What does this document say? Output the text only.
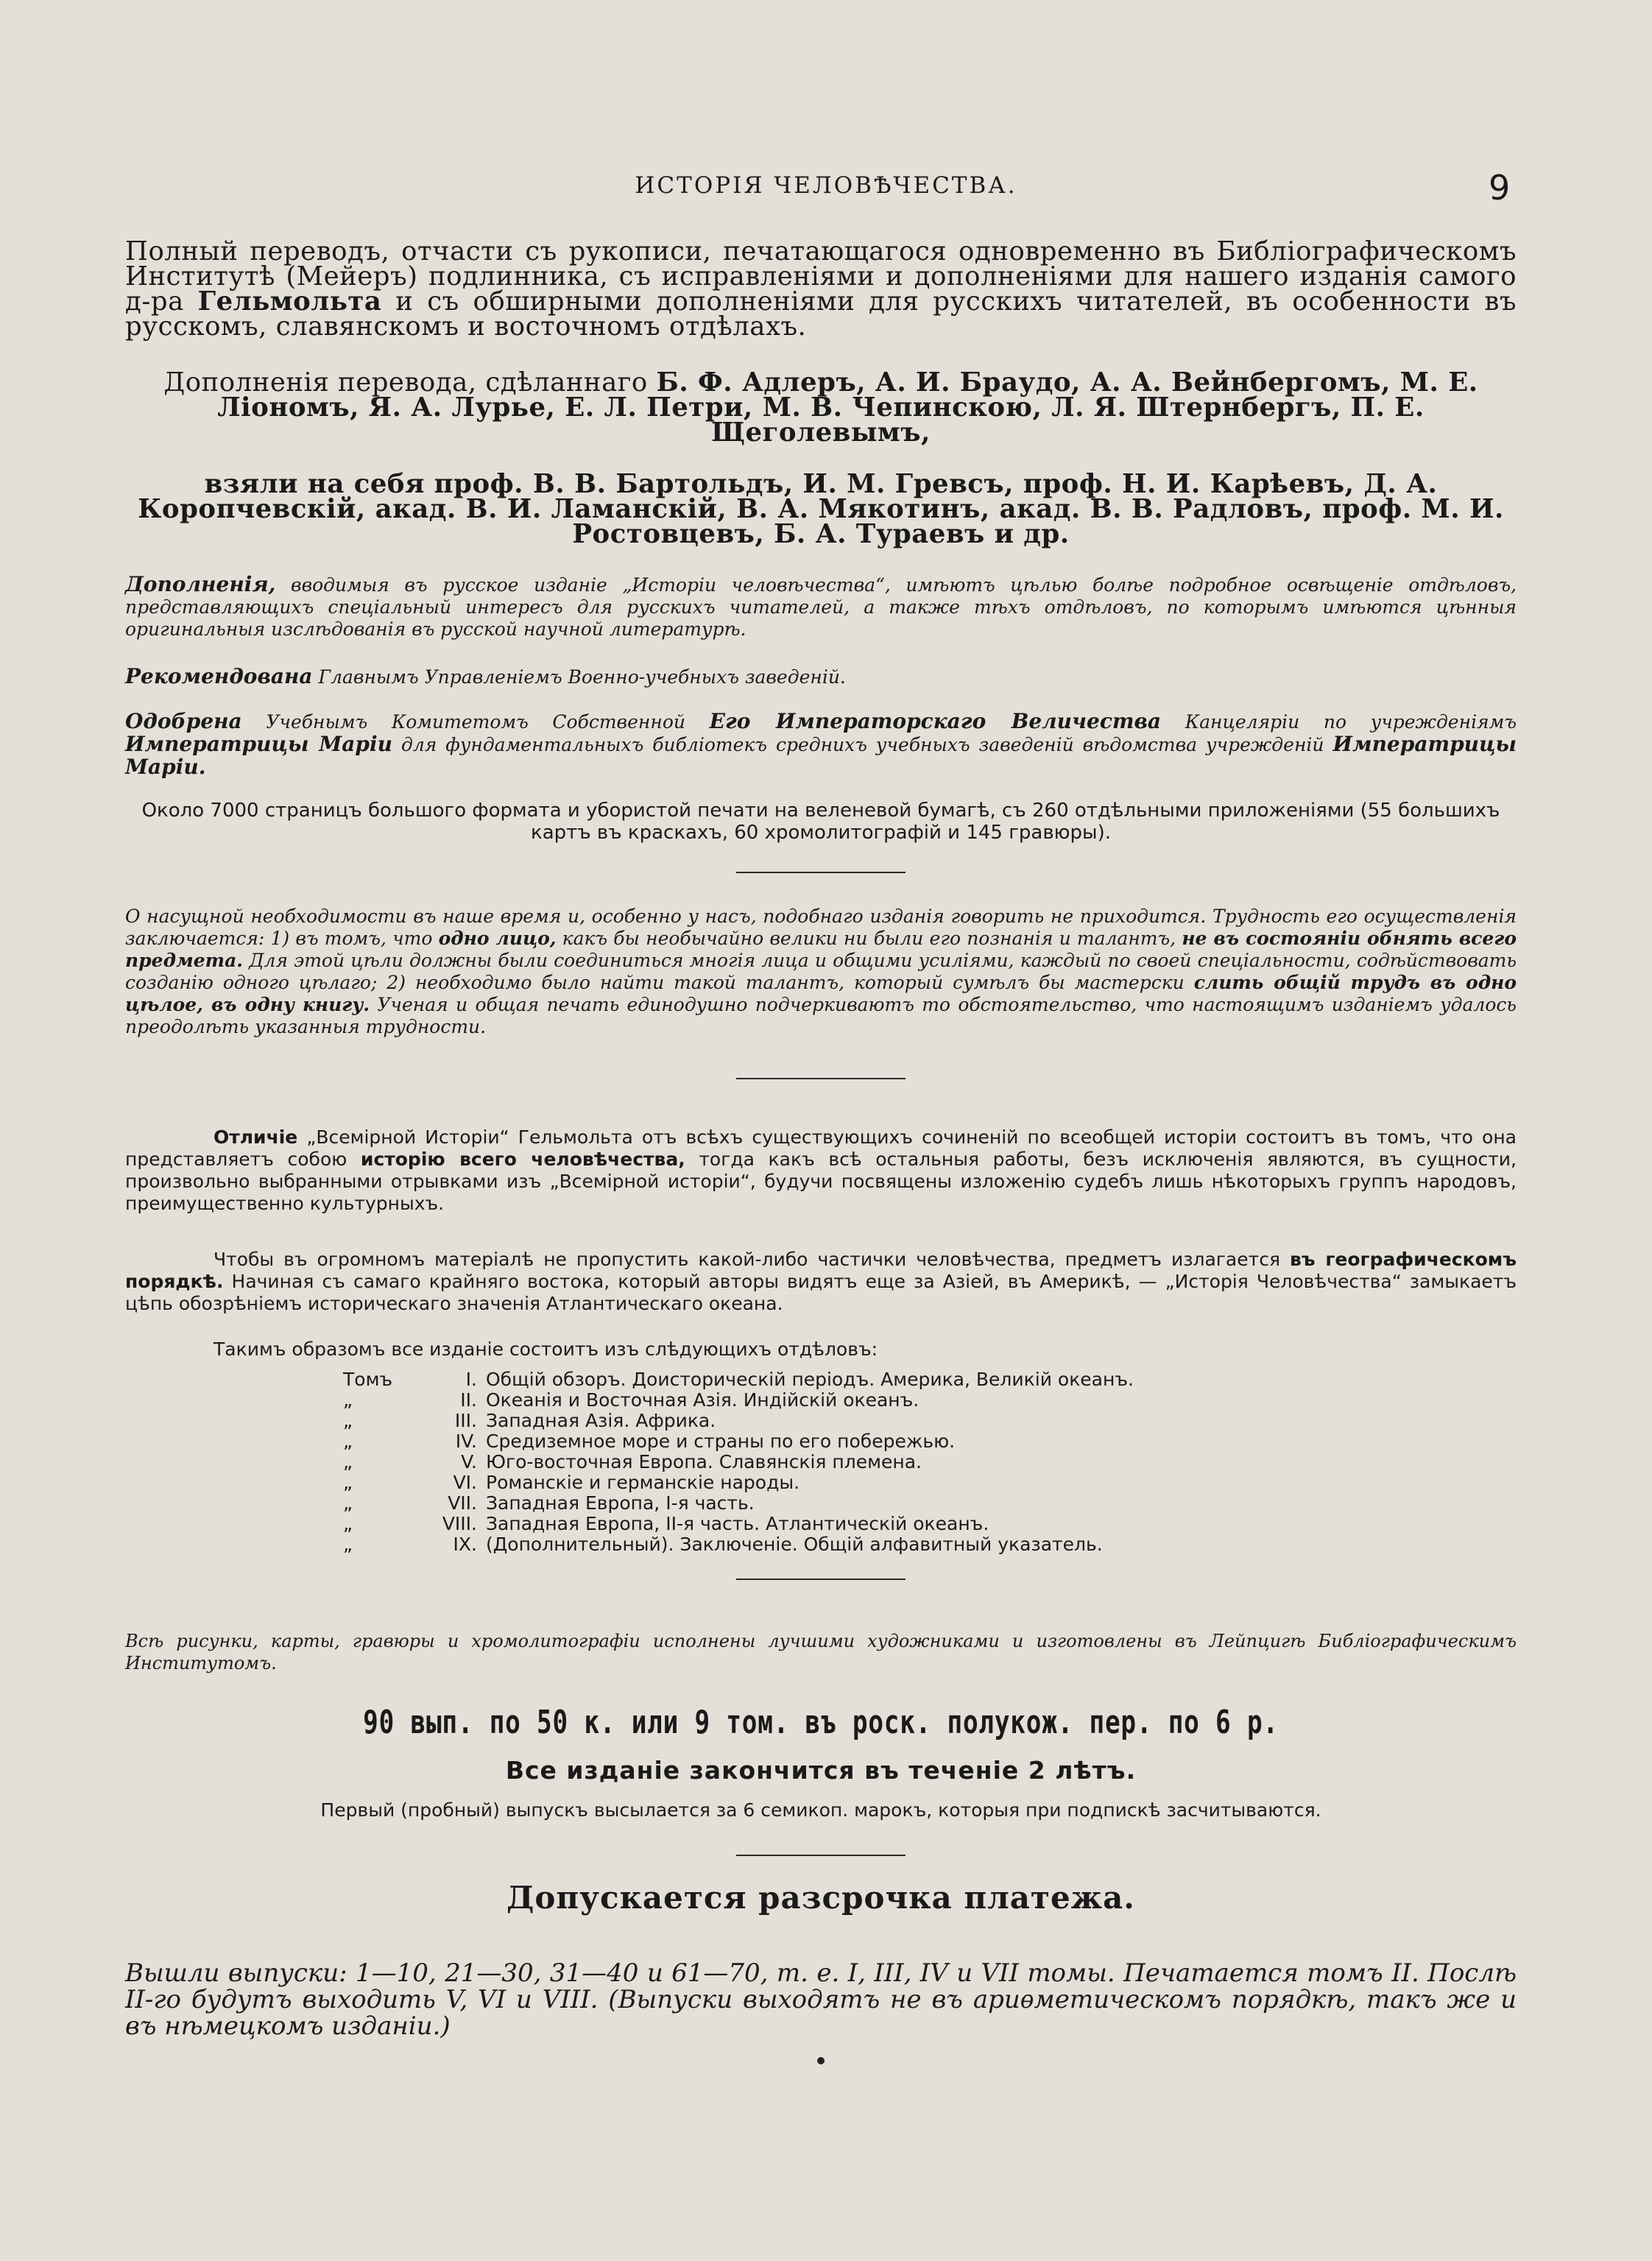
ИСТОРІЯ ЧЕЛОВѢЧЕСТВА.	9

Полный переводъ, отчасти съ рукописи, печатающагося одновременно въ Библіографическомъ Институтѣ (Мейеръ) подлинника, съ исправленіями и дополненіями для нашего изданія самого д-ра Гельмольта и съ обширными дополненіями для русскихъ читателей, въ особенности въ русскомъ, славянскомъ и восточномъ отдѣлахъ.

Дополненія перевода, сдѣланнаго Б. Ф. Адлеръ, А. И. Браудо, А. А. Вейнбергомъ, М. Е. Ліономъ, Я. А. Лурье, Е. Л. Петри, М. В. Чепинскою, Л. Я. Штернбергъ, П. Е. Щеголевымъ,

взяли на себя проф. В. В. Бартольдъ, И. М. Гревсъ, проф. Н. И. Карѣевъ, Д. А. Коропчевскій, акад. В. И. Ламанскій, В. А. Мякотинъ, акад. В. В. Радловъ, проф. М. И. Ростовцевъ, Б. А. Тураевъ и др.

Дополненія, вводимыя въ русское изданіе „Исторіи человѣчества“, имѣютъ цѣлью болѣе подробное освѣщеніе отдѣловъ, представляющихъ спеціальный интересъ для русскихъ читателей, а также тѣхъ отдѣловъ, по которымъ имѣются цѣнныя оригинальныя изслѣдованія въ русской научной литературѣ.

Рекомендована Главнымъ Управленіемъ Военно-учебныхъ заведеній.

Одобрена Учебнымъ Комитетомъ Собственной Его Императорскаго Величества Канцеляріи по учрежденіямъ Императрицы Маріи для фундаментальныхъ библіотекъ среднихъ учебныхъ заведеній вѣдомства учрежденій Императрицы Маріи.

Около 7000 страницъ большого формата и убористой печати на веленевой бумагѣ, съ 260 отдѣльными приложеніями (55 большихъ картъ въ краскахъ, 60 хромолитографій и 145 гравюры).

О насущной необходимости въ наше время и, особенно у насъ, подобнаго изданія говорить не приходится. Трудность его осуществленія заключается: 1) въ томъ, что одно лицо, какъ бы необычайно велики ни были его познанія и талантъ, не въ состояніи обнять всего предмета. Для этой цѣли должны были соединиться многія лица и общими усиліями, каждый по своей спеціальности, содѣйствовать созданію одного цѣлаго; 2) необходимо было найти такой талантъ, который сумѣлъ бы мастерски слить общій трудъ въ одно цѣлое, въ одну книгу. Ученая и общая печать единодушно подчеркиваютъ то обстоятельство, что настоящимъ изданіемъ удалось преодолѣть указанныя трудности.

Отличіе „Всемірной Исторіи“ Гельмольта отъ всѣхъ существующихъ сочиненій по всеобщей исторіи состоитъ въ томъ, что она представляетъ собою исторію всего человѣчества, тогда какъ всѣ остальныя работы, безъ исключенія являются, въ сущности, произвольно выбранными отрывками изъ „Всемірной исторіи“, будучи посвящены изложенію судебъ лишь нѣкоторыхъ группъ народовъ, преимущественно культурныхъ.

Чтобы въ огромномъ матеріалѣ не пропустить какой-либо частички человѣчества, предметъ излагается въ географическомъ порядкѣ. Начиная съ самаго крайняго востока, который авторы видятъ еще за Азіей, въ Америкѣ, — „Исторія Человѣчества“ замыкаетъ цѣпь обозрѣніемъ историческаго значенія Атлантическаго океана.

Такимъ образомъ все изданіе состоитъ изъ слѣдующихъ отдѣловъ:

Томъ	I. Общій обзоръ. Доисторическій періодъ. Америка, Великій океанъ.
„	II. Океанія и Восточная Азія. Индійскій океанъ.
„	III. Западная Азія. Африка.
„	IV. Средиземное море и страны по его побережью.
„	V. Юго-восточная Европа. Славянскія племена.
„	VI. Романскіе и германскіе народы.
„	VII. Западная Европа, I-я часть.
„	VIII. Западная Европа, II-я часть. Атлантическій океанъ.
„	IX. (Дополнительный). Заключеніе. Общій алфавитный указатель.

Всѣ рисунки, карты, гравюры и хромолитографіи исполнены лучшими художниками и изготовлены въ Лейпцигѣ Библіографическимъ Институтомъ.

90 вып. по 50 к. или 9 том. въ роск. полукож. пер. по 6 р.

Все изданіе закончится въ теченіе 2 лѣтъ.

Первый (пробный) выпускъ высылается за 6 семикоп. марокъ, которыя при подпискѣ засчитываются.

Допускается разсрочка платежа.

Вышли выпуски: 1—10, 21—30, 31—40 и 61—70, т. е. I, III, IV и VII томы. Печатается томъ II. Послѣ II-го будутъ выходить V, VI и VIII. (Выпуски выходятъ не въ ариѳметическомъ порядкѣ, такъ же и въ нѣмецкомъ изданіи.)
